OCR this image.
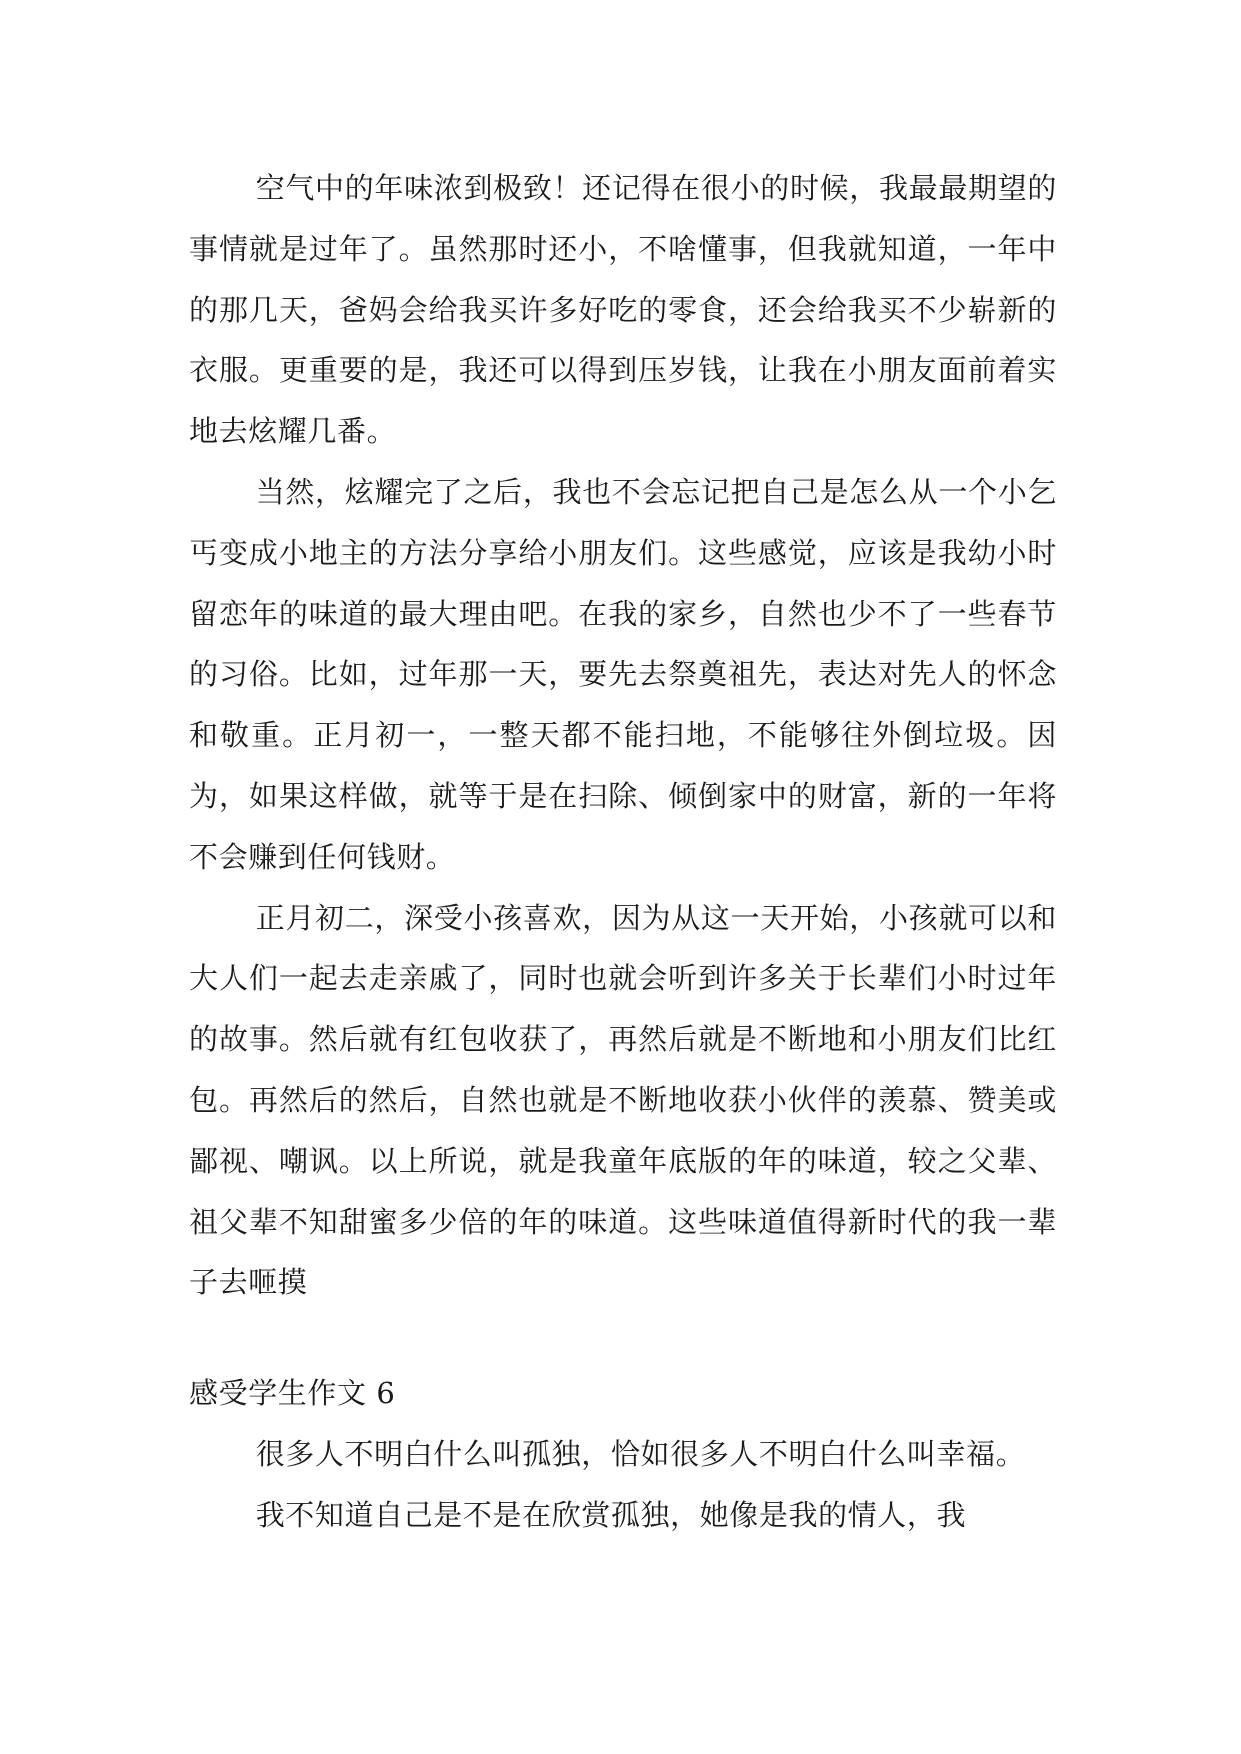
空气中的年味浓到极致！还记得在很小的时候，我最最期望的事情就是过年了。虽然那时还小，不啥懂事，但我就知道，一年中的那几天，爸妈会给我买许多好吃的零食，还会给我买不少崭新的衣服。更重要的是，我还可以得到压岁钱，让我在小朋友面前着实地去炫耀几番。

当然，炫耀完了之后，我也不会忘记把自己是怎么从一个小乞丐变成小地主的方法分享给小朋友们。这些感觉，应该是我幼小时留恋年的味道的最大理由吧。在我的家乡，自然也少不了一些春节的习俗。比如，过年那一天，要先去祭奠祖先，表达对先人的怀念和敬重。正月初一，一整天都不能扫地，不能够往外倒垃圾。因为，如果这样做，就等于是在扫除、倾倒家中的财富，新的一年将不会赚到任何钱财。

正月初二，深受小孩喜欢，因为从这一天开始，小孩就可以和大人们一起去走亲戚了，同时也就会听到许多关于长辈们小时过年的故事。然后就有红包收获了，再然后就是不断地和小朋友们比红包。再然后的然后，自然也就是不断地收获小伙伴的羡慕、赞美或鄙视、嘲讽。以上所说，就是我童年底版的年的味道，较之父辈、祖父辈不知甜蜜多少倍的年的味道。这些味道值得新时代的我一辈子去咂摸

感受学生作文 6

很多人不明白什么叫孤独，恰如很多人不明白什么叫幸福。

我不知道自己是不是在欣赏孤独，她像是我的情人，我
